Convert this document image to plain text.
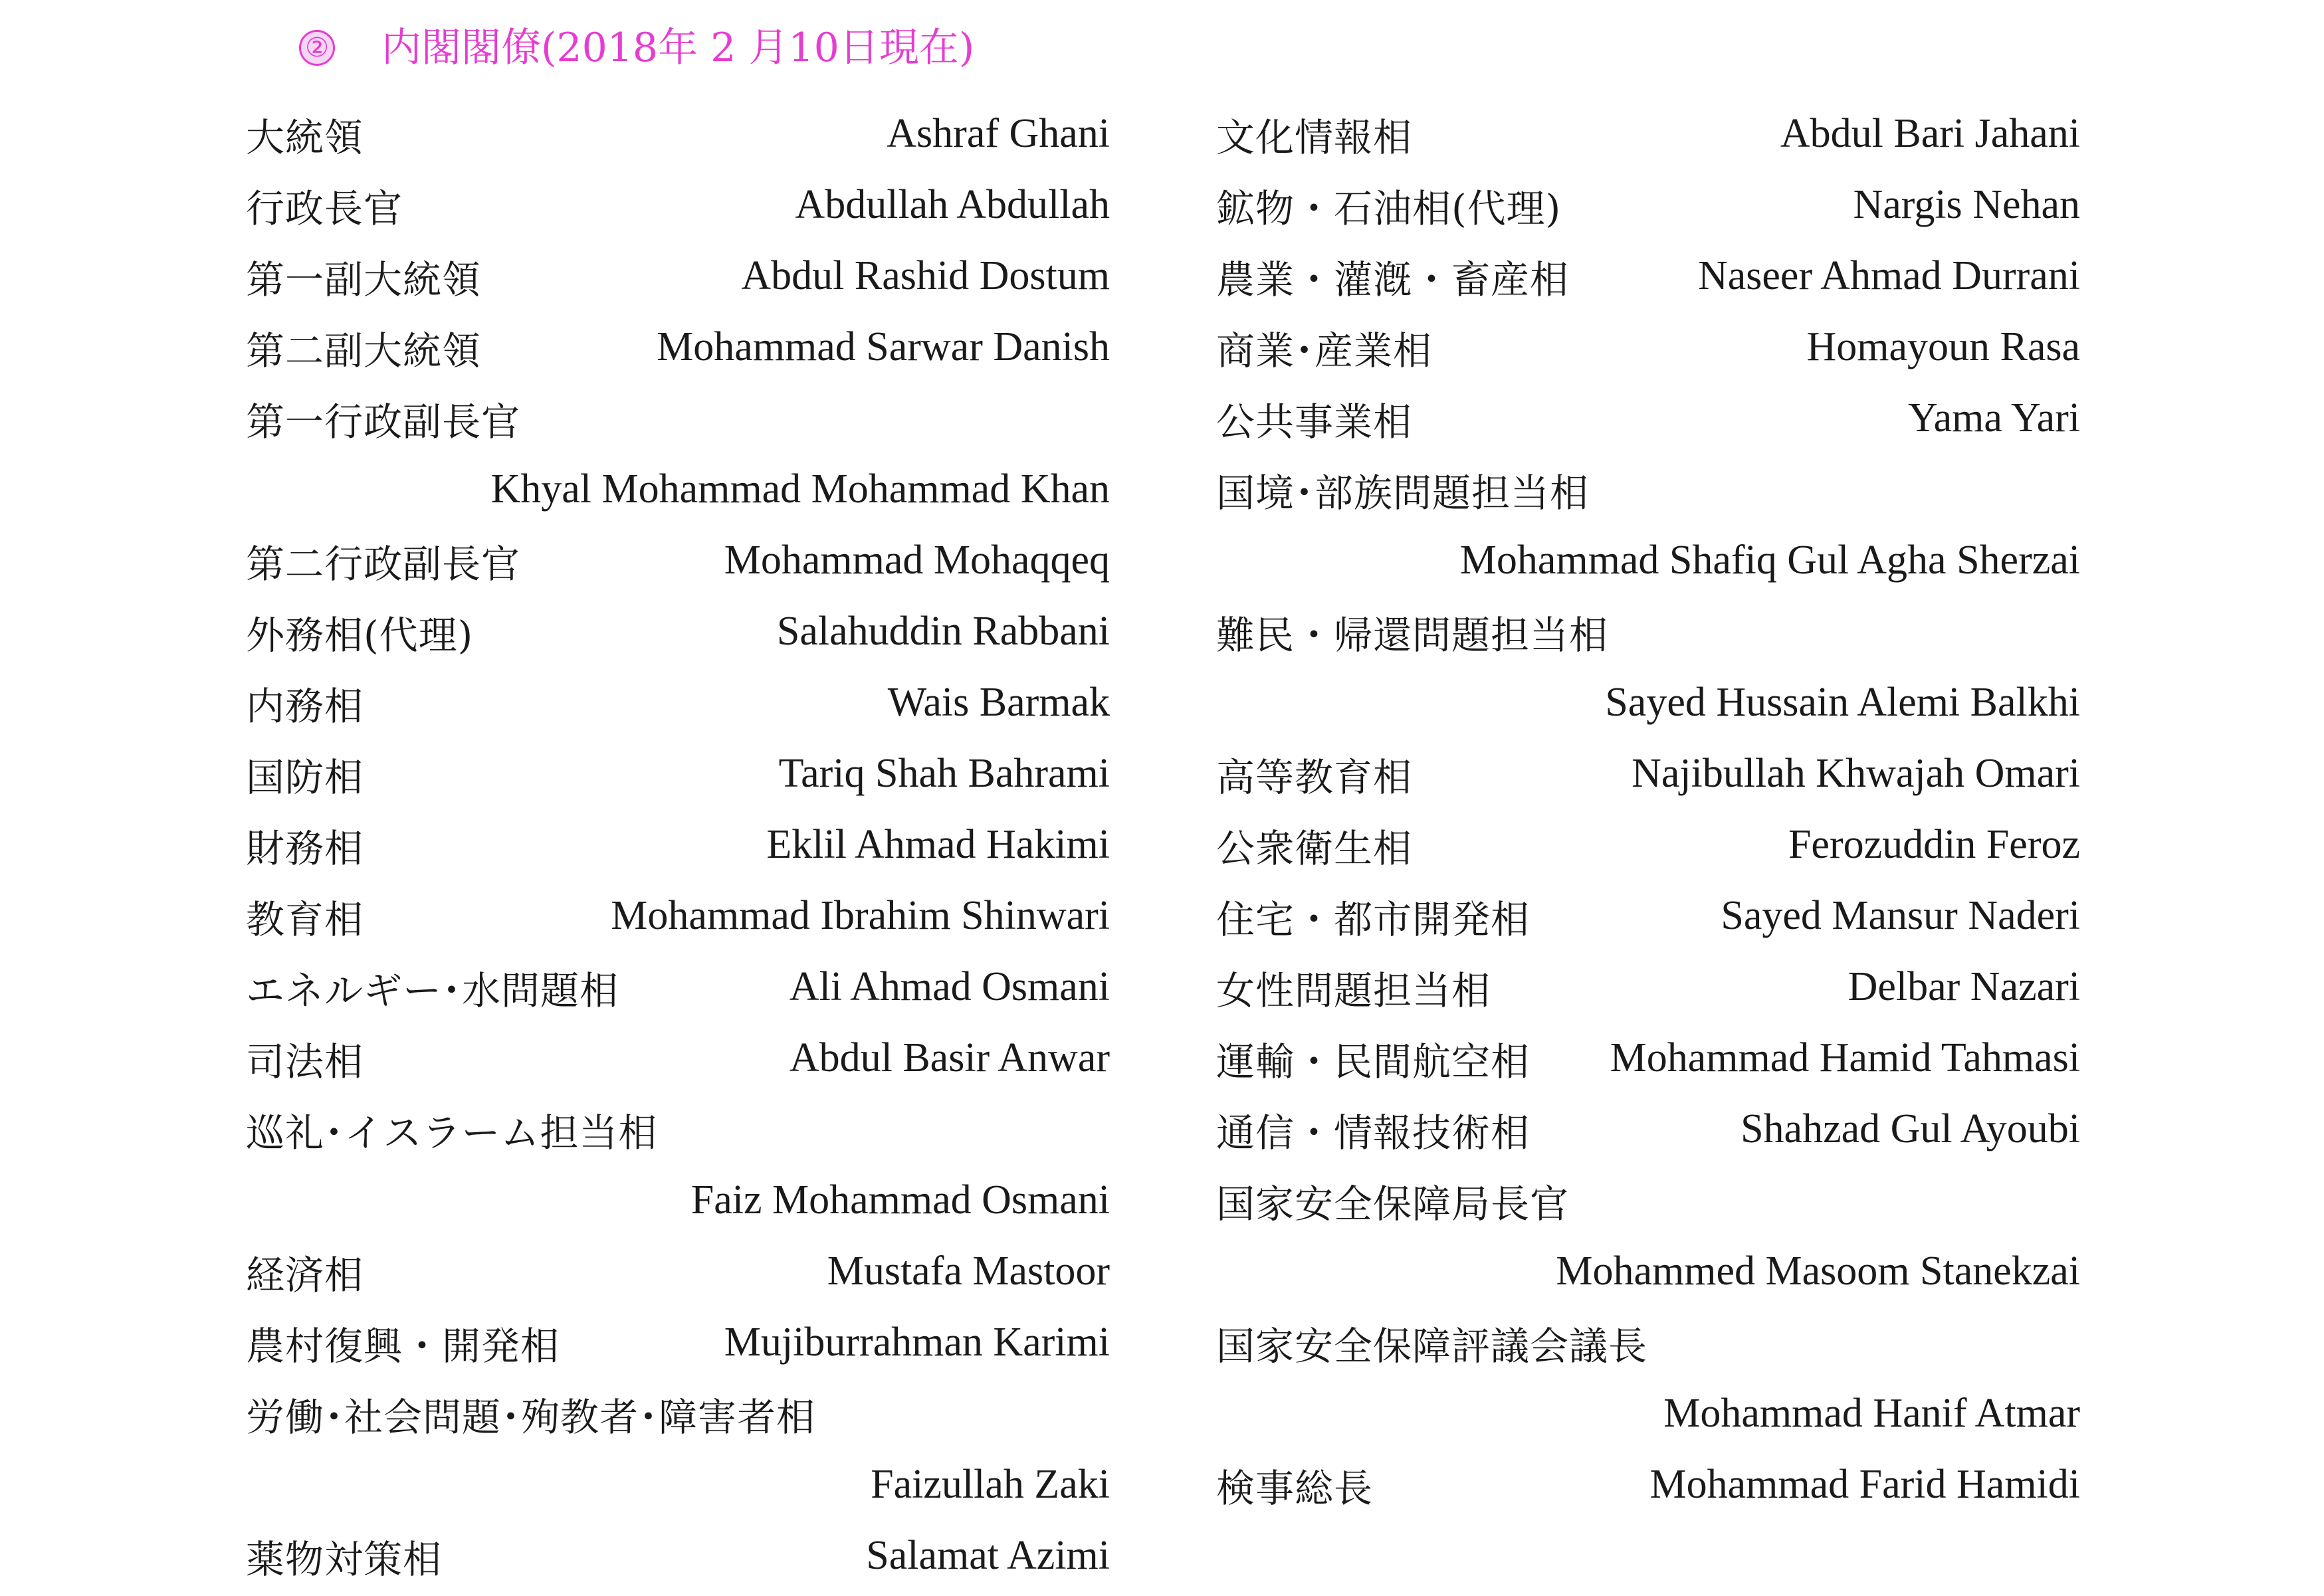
② 内閣閣僚(2018年 2 月10日現在)
大統領	Ashraf Ghani
行政長官	Abdullah Abdullah
第一副大統領	Abdul Rashid Dostum
第二副大統領	Mohammad Sarwar Danish
第一行政副長官
Khyal Mohammad Mohammad Khan
第二行政副長官	Mohammad Mohaqqeq
外務相(代理)	Salahuddin Rabbani
内務相	Wais Barmak
国防相	Tariq Shah Bahrami
財務相	Eklil Ahmad Hakimi
教育相	Mohammad Ibrahim Shinwari
エネルギー･水問題相	Ali Ahmad Osmani
司法相	Abdul Basir Anwar
巡礼･イスラーム担当相
Faiz Mohammad Osmani
経済相	Mustafa Mastoor
農村復興・開発相	Mujiburrahman Karimi
労働･社会問題･殉教者･障害者相
Faizullah Zaki
薬物対策相	Salamat Azimi
文化情報相	Abdul Bari Jahani
鉱物・石油相(代理)	Nargis Nehan
農業・灌漑・畜産相	Naseer Ahmad Durrani
商業･産業相	Homayoun Rasa
公共事業相	Yama Yari
国境･部族問題担当相
Mohammad Shafiq Gul Agha Sherzai
難民・帰還問題担当相
Sayed Hussain Alemi Balkhi
高等教育相	Najibullah Khwajah Omari
公衆衛生相	Ferozuddin Feroz
住宅・都市開発相	Sayed Mansur Naderi
女性問題担当相	Delbar Nazari
運輸・民間航空相 Mohammad Hamid Tahmasi
通信・情報技術相	Shahzad Gul Ayoubi
国家安全保障局長官
Mohammed Masoom Stanekzai
国家安全保障評議会議長
Mohammad Hanif Atmar
検事総長	Mohammad Farid Hamidi
